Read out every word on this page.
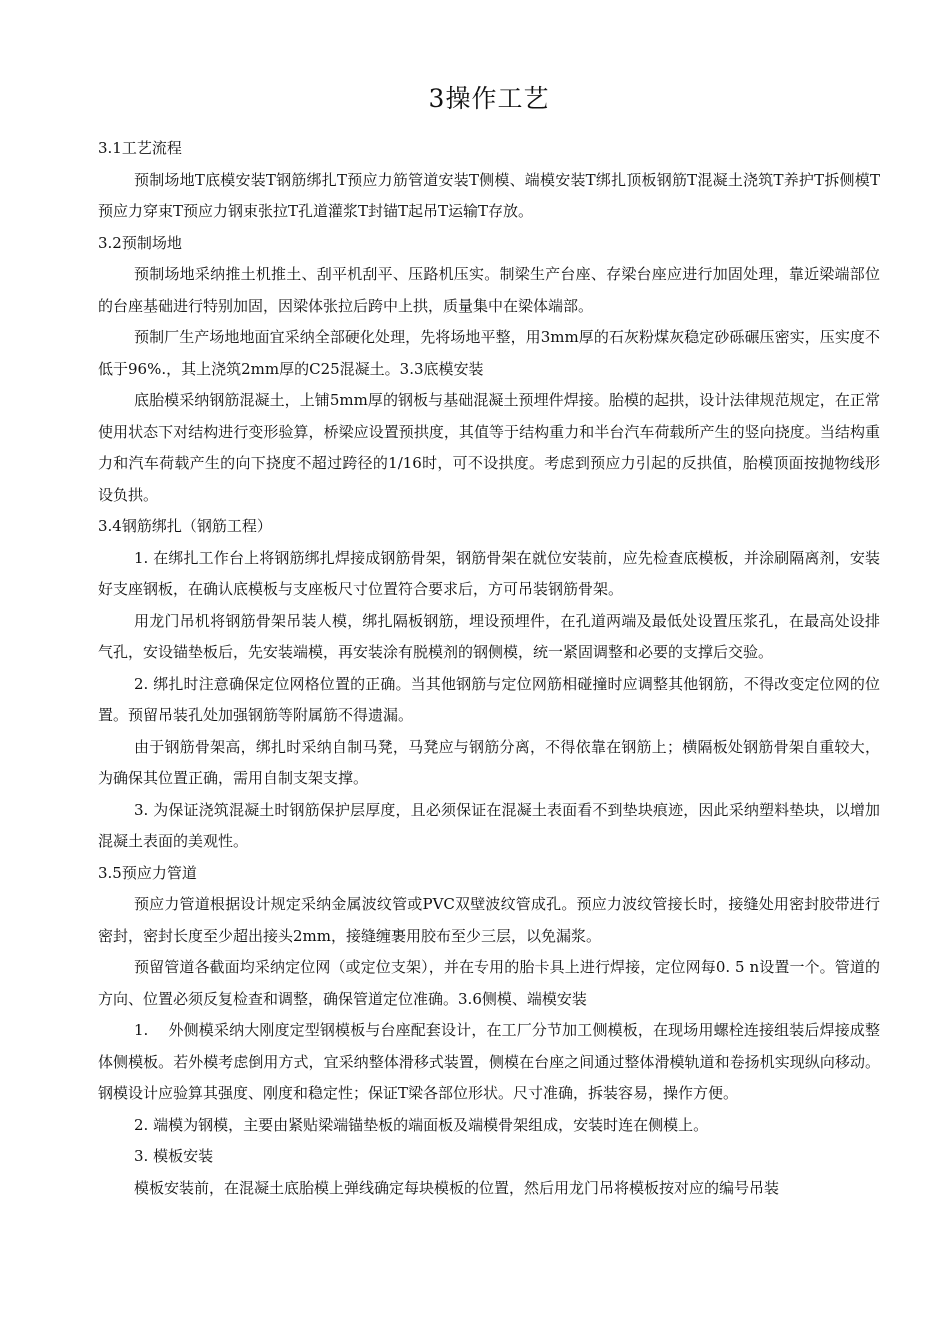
3操作工艺

3.1工艺流程

预制场地T底模安装T钢筋绑扎T预应力筋管道安装T侧模、端模安装T绑扎顶板钢筋T混凝土浇筑T养护T拆侧模T预应力穿束T预应力钢束张拉T孔道灌浆T封锚T起吊T运输T存放。

3.2预制场地

预制场地采纳推土机推土、刮平机刮平、压路机压实。制梁生产台座、存梁台座应进行加固处理，靠近梁端部位的台座基础进行特别加固，因梁体张拉后跨中上拱，质量集中在梁体端部。

预制厂生产场地地面宜采纳全部硬化处理，先将场地平整，用3mm厚的石灰粉煤灰稳定砂砾碾压密实，压实度不低于96%.，其上浇筑2mm厚的C25混凝土。3.3底模安装

底胎模采纳钢筋混凝土，上铺5mm厚的钢板与基础混凝土预埋件焊接。胎模的起拱，设计法律规范规定，在正常使用状态下对结构进行变形验算，桥梁应设置预拱度，其值等于结构重力和半台汽车荷载所产生的竖向挠度。当结构重力和汽车荷载产生的向下挠度不超过跨径的1/16时，可不设拱度。考虑到预应力引起的反拱值，胎模顶面按抛物线形设负拱。

3.4钢筋绑扎（钢筋工程）

1. 在绑扎工作台上将钢筋绑扎焊接成钢筋骨架，钢筋骨架在就位安装前，应先检查底模板，并涂刷隔离剂，安装好支座钢板，在确认底模板与支座板尺寸位置符合要求后，方可吊装钢筋骨架。

用龙门吊机将钢筋骨架吊装人模，绑扎隔板钢筋，埋设预埋件，在孔道两端及最低处设置压浆孔，在最高处设排气孔，安设锚垫板后，先安装端模，再安装涂有脱模剂的钢侧模，统一紧固调整和必要的支撑后交验。

2. 绑扎时注意确保定位网格位置的正确。当其他钢筋与定位网筋相碰撞时应调整其他钢筋，不得改变定位网的位置。预留吊装孔处加强钢筋等附属筋不得遗漏。

由于钢筋骨架高，绑扎时采纳自制马凳，马凳应与钢筋分离，不得依靠在钢筋上；横隔板处钢筋骨架自重较大，为确保其位置正确，需用自制支架支撑。

3. 为保证浇筑混凝土时钢筋保护层厚度，且必须保证在混凝土表面看不到垫块痕迹，因此采纳塑料垫块，以增加混凝土表面的美观性。

3.5预应力管道

预应力管道根据设计规定采纳金属波纹管或PVC双壁波纹管成孔。预应力波纹管接长时，接缝处用密封胶带进行密封，密封长度至少超出接头2mm，接缝缠裹用胶布至少三层，以免漏浆。

预留管道各截面均采纳定位网（或定位支架），并在专用的胎卡具上进行焊接，定位网每0. 5 n设置一个。管道的方向、位置必须反复检查和调整，确保管道定位准确。3.6侧模、端模安装

1.　 外侧模采纳大刚度定型钢模板与台座配套设计，在工厂分节加工侧模板，在现场用螺栓连接组装后焊接成整体侧模板。若外模考虑倒用方式，宜采纳整体滑移式装置，侧模在台座之间通过整体滑模轨道和卷扬机实现纵向移动。钢模设计应验算其强度、刚度和稳定性；保证T梁各部位形状。尺寸准确，拆装容易，操作方便。

2. 端模为钢模，主要由紧贴梁端锚垫板的端面板及端模骨架组成，安装时连在侧模上。

3. 模板安装

模板安装前，在混凝土底胎模上弹线确定每块模板的位置，然后用龙门吊将模板按对应的编号吊装
